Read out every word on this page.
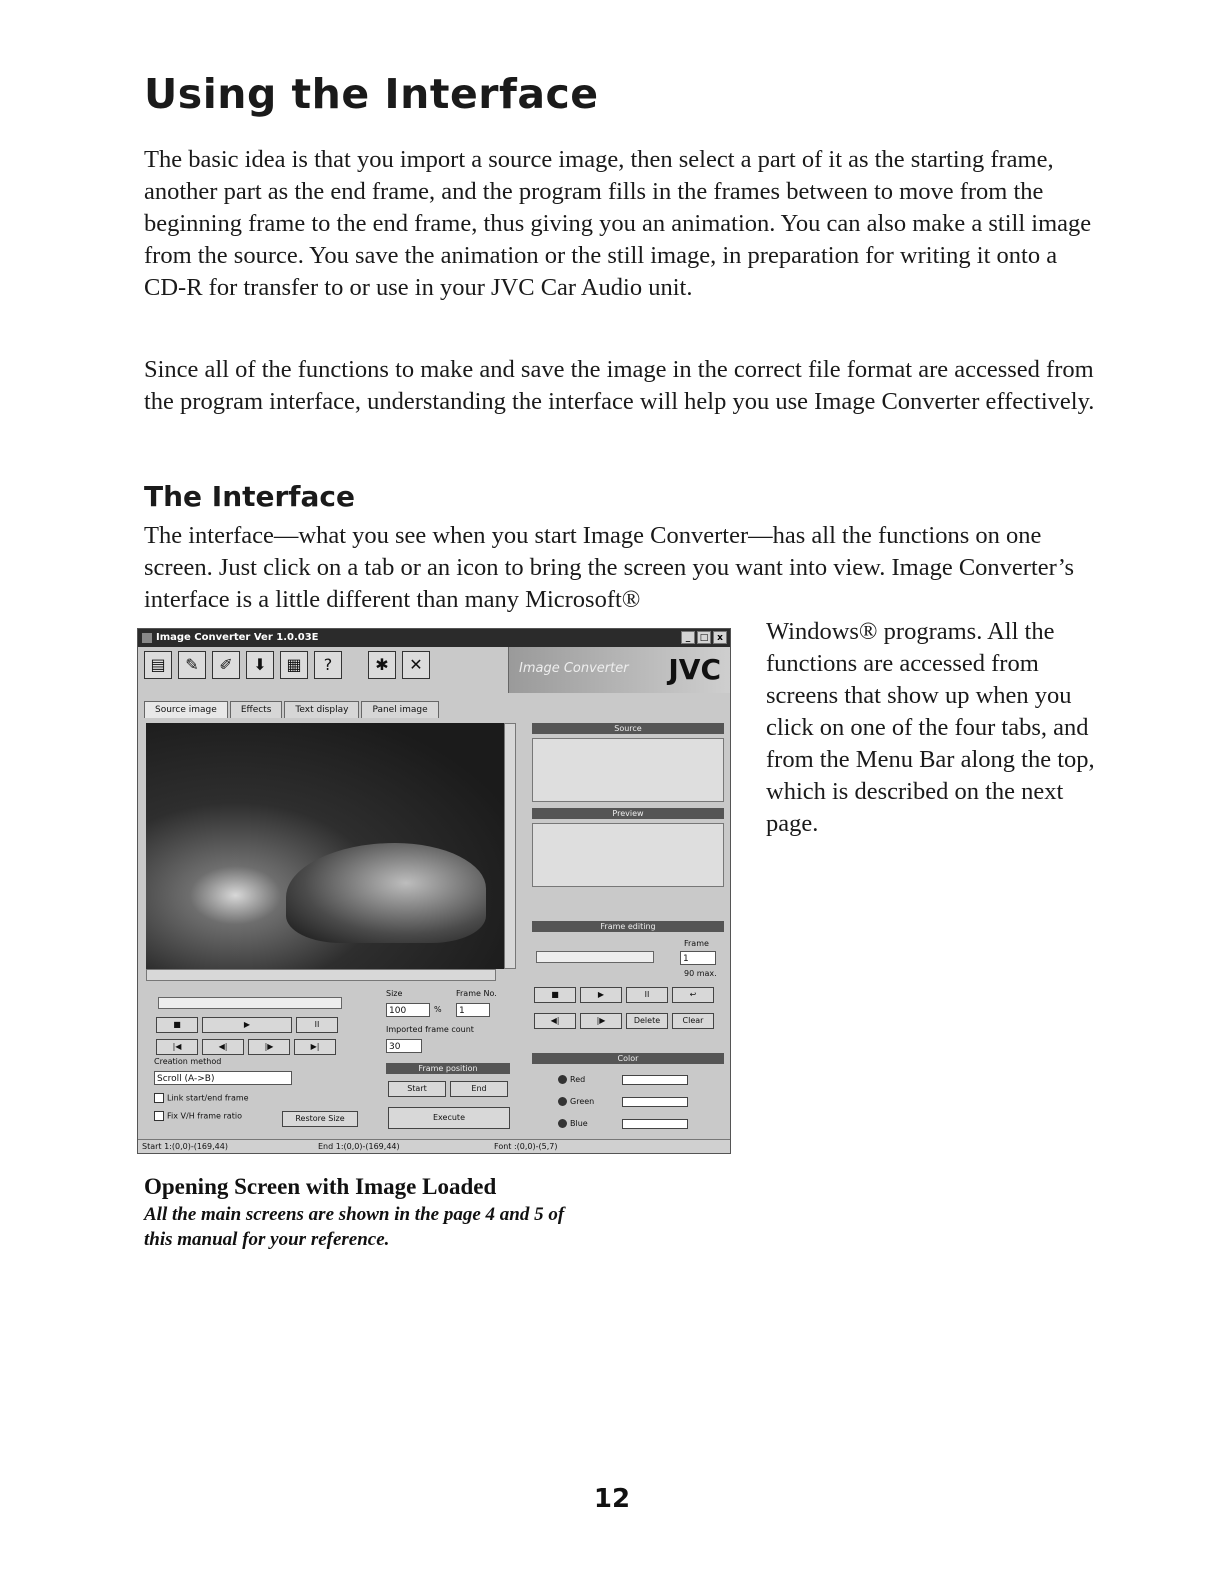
Using the Interface

The basic idea is that you import a source image, then select a part of it as the starting frame, another part as the end frame, and the program fills in the frames between to move from the beginning frame to the end frame, thus giving you an animation. You can also make a still image from the source. You save the animation or the still image, in preparation for writing it onto a CD-R for transfer to or use in your JVC Car Audio unit.

Since all of the functions to make and save the image in the correct file format are accessed from the program interface, understanding the interface will help you use Image Converter effectively.

The Interface

The interface—what you see when you start Image Converter—has all the functions on one screen. Just click on a tab or an icon to bring the screen you want into view. Image Converter’s interface is a little different than many Microsoft®

Windows® programs. All the functions are accessed from screens that show up when you click on one of the four tabs, and from the Menu Bar along the top, which is described on the next page.

Image Converter Ver 1.0.03E	_	□ x
▤	✎	✐	⬇	▦	?	✱	✕	Image Converter JVC
Source image	Effects	Text display	Panel image
Source
Preview
Frame editing
Frame
1
90 max.
■	▶	II	↩
◀|	|▶	Delete	Clear
■	▶	II
|◀	◀|	|▶	▶|
Size
100	%
Frame No.
1
Imported frame count
30
Creation method
Scroll (A->B)
Link start/end frame
Fix V/H frame ratio	Restore Size
Frame position
Start	End
Execute
Color
Red
Green
Blue
Start 1:(0,0)-(169,44)	End 1:(0,0)-(169,44)	Font :(0,0)-(5,7)
Opening Screen with Image Loaded
All the main screens are shown in the page 4 and 5 of this manual for your reference.
12
